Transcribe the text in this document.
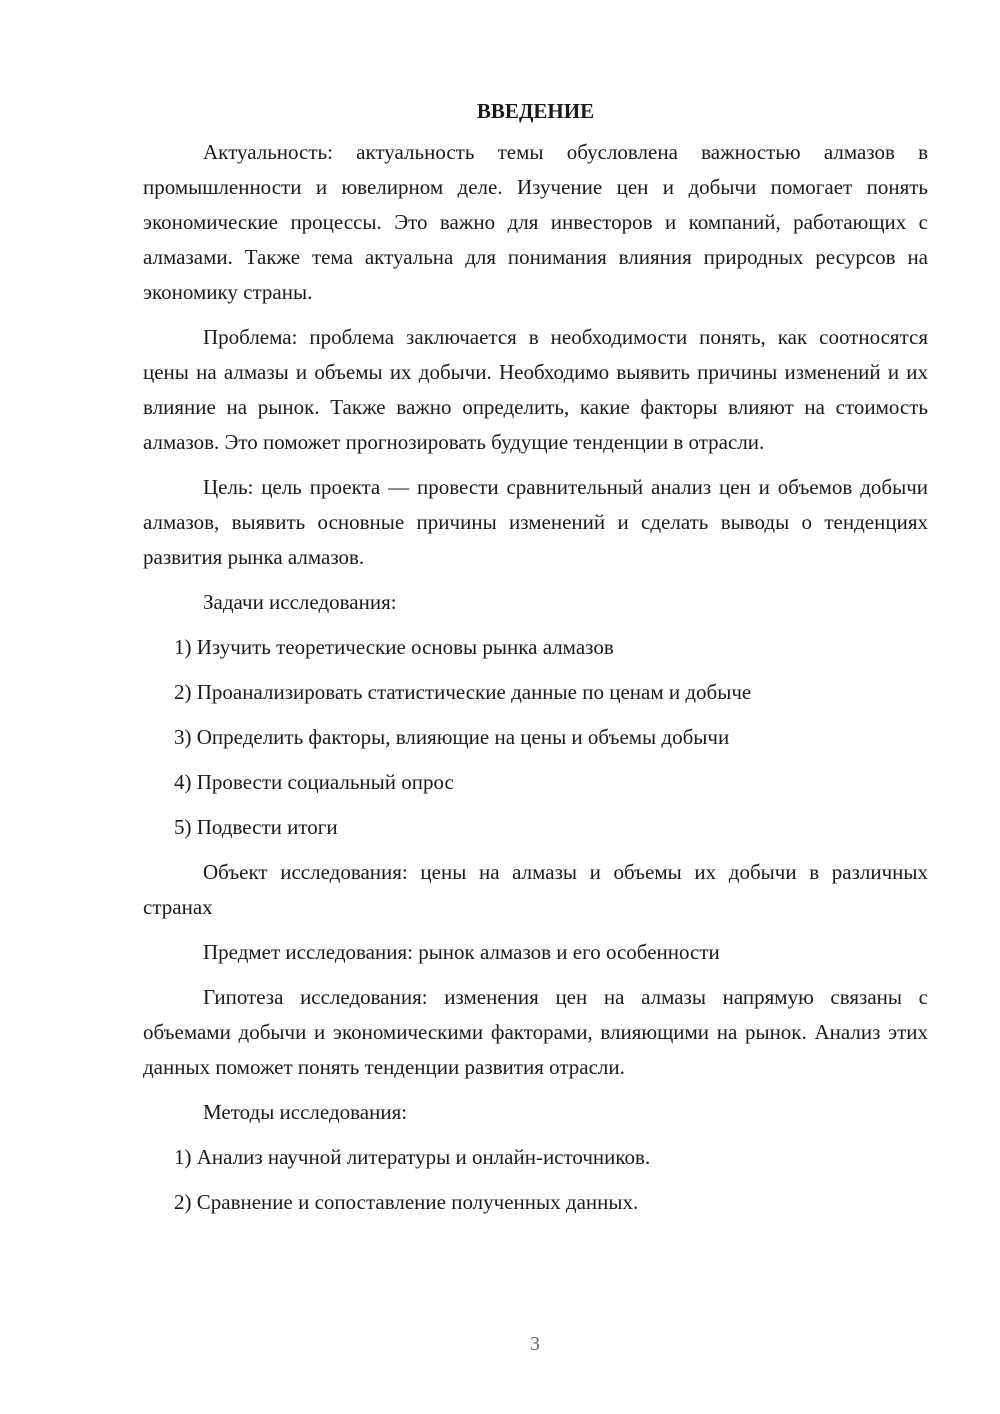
ВВЕДЕНИЕ

Актуальность: актуальность темы обусловлена важностью алмазов в промышленности и ювелирном деле. Изучение цен и добычи помогает понять экономические процессы. Это важно для инвесторов и компаний, работающих с алмазами. Также тема актуальна для понимания влияния природных ресурсов на экономику страны.

Проблема: проблема заключается в необходимости понять, как соотносятся цены на алмазы и объемы их добычи. Необходимо выявить причины изменений и их влияние на рынок. Также важно определить, какие факторы влияют на стоимость алмазов. Это поможет прогнозировать будущие тенденции в отрасли.

Цель: цель проекта — провести сравнительный анализ цен и объемов добычи алмазов, выявить основные причины изменений и сделать выводы о тенденциях развития рынка алмазов.

Задачи исследования:

1) Изучить теоретические основы рынка алмазов

2) Проанализировать статистические данные по ценам и добыче

3) Определить факторы, влияющие на цены и объемы добычи

4) Провести социальный опрос

5) Подвести итоги

Объект исследования: цены на алмазы и объемы их добычи в различных странах

Предмет исследования: рынок алмазов и его особенности

Гипотеза исследования: изменения цен на алмазы напрямую связаны с объемами добычи и экономическими факторами, влияющими на рынок. Анализ этих данных поможет понять тенденции развития отрасли.

Методы исследования:

1) Анализ научной литературы и онлайн-источников.

2) Сравнение и сопоставление полученных данных.

3
